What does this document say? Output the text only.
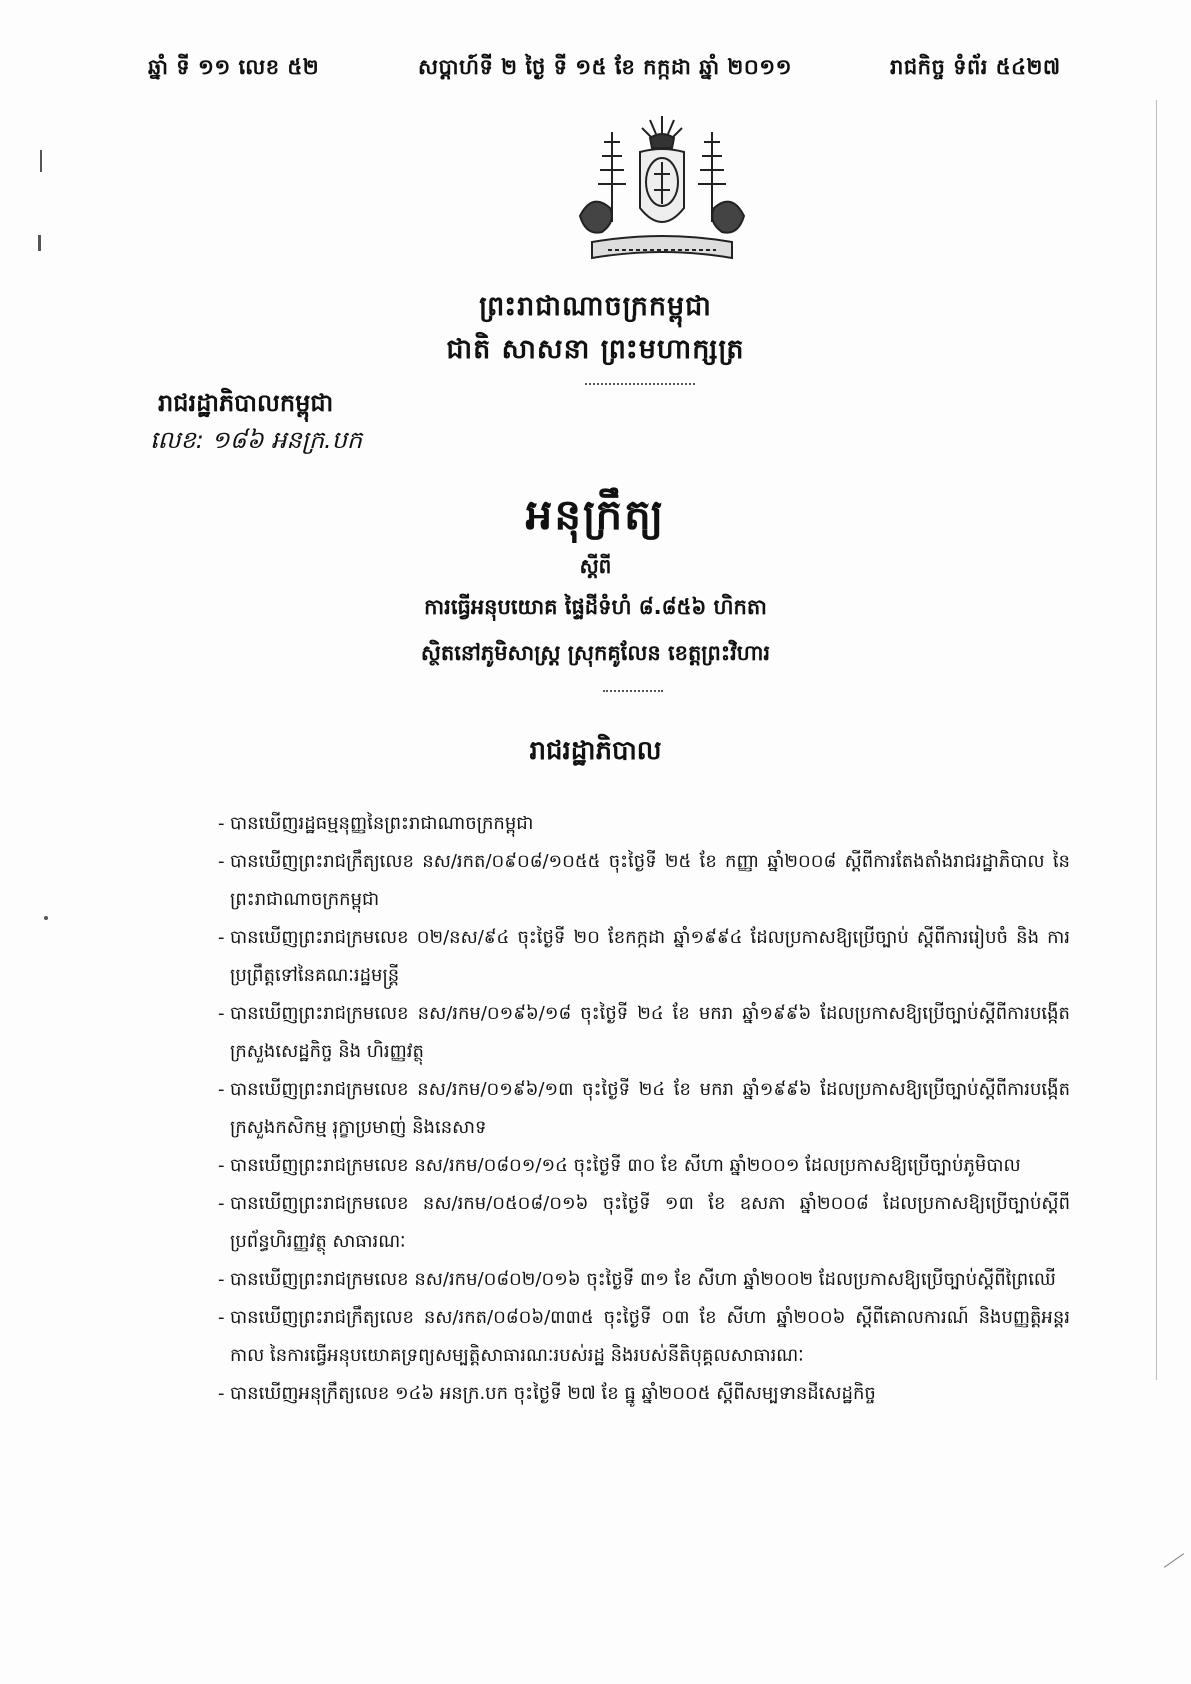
ឆ្នាំ ទី ១១ លេខ ៥២	សប្តាហ៍ទី ២ ថ្ងៃ ទី ១៥ ខែ កក្កដា ឆ្នាំ ២០១១	រាជកិច្ច ទំព័រ ៥៤២៧
ព្រះរាជាណាចក្រកម្ពុជា
ជាតិ សាសនា ព្រះមហាក្សត្រ
រាជរដ្ឋាភិបាលកម្ពុជា
លេខ: ១៨៦ អនក្រ.បក
អនុក្រឹត្យ
ស្តីពី
ការធ្វើអនុបយោគ ផ្ទៃដីទំហំ ៨.៨៥៦ ហិកតា
ស្ថិតនៅភូមិសាស្ត្រ ស្រុកគូលែន ខេត្តព្រះវិហារ
រាជរដ្ឋាភិបាល
- បានឃើញរដ្ឋធម្មនុញ្ញនៃព្រះរាជាណាចក្រកម្ពុជា
- បានឃើញព្រះរាជក្រឹត្យលេខ នស/រកត/០៩០៨/១០៥៥ ចុះថ្ងៃទី ២៥ ខែ កញ្ញា ឆ្នាំ២០០៨ ស្តីពីការតែងតាំងរាជរដ្ឋាភិបាល នៃព្រះរាជាណាចក្រកម្ពុជា
- បានឃើញព្រះរាជក្រមលេខ ០២/នស/៩៤ ចុះថ្ងៃទី ២០ ខែកក្កដា ឆ្នាំ១៩៩៤ ដែលប្រកាសឱ្យប្រើច្បាប់ ស្តីពីការរៀបចំ និង ការប្រព្រឹត្តទៅនៃគណៈរដ្ឋមន្ត្រី
- បានឃើញព្រះរាជក្រមលេខ នស/រកម/០១៩៦/១៨ ចុះថ្ងៃទី ២៤ ខែ មករា ឆ្នាំ១៩៩៦ ដែលប្រកាសឱ្យប្រើច្បាប់ស្តីពីការបង្កើតក្រសួងសេដ្ឋកិច្ច និង ហិរញ្ញវត្ថុ
- បានឃើញព្រះរាជក្រមលេខ នស/រកម/០១៩៦/១៣ ចុះថ្ងៃទី ២៤ ខែ មករា ឆ្នាំ១៩៩៦ ដែលប្រកាសឱ្យប្រើច្បាប់ស្តីពីការបង្កើតក្រសួងកសិកម្ម រុក្ខាប្រមាញ់ និងនេសាទ
- បានឃើញព្រះរាជក្រមលេខ នស/រកម/០៨០១/១៤ ចុះថ្ងៃទី ៣០ ខែ សីហា ឆ្នាំ២០០១ ដែលប្រកាសឱ្យប្រើច្បាប់ភូមិបាល
- បានឃើញព្រះរាជក្រមលេខ នស/រកម/០៥០៨/០១៦ ចុះថ្ងៃទី ១៣ ខែ ឧសភា ឆ្នាំ២០០៨ ដែលប្រកាសឱ្យប្រើច្បាប់ស្តីពីប្រព័ន្ធហិរញ្ញវត្ថុ សាធារណៈ
- បានឃើញព្រះរាជក្រមលេខ នស/រកម/០៨០២/០១៦ ចុះថ្ងៃទី ៣១ ខែ សីហា ឆ្នាំ២០០២ ដែលប្រកាសឱ្យប្រើច្បាប់ស្តីពីព្រៃឈើ
- បានឃើញព្រះរាជក្រឹត្យលេខ នស/រកត/០៨០៦/៣៣៥ ចុះថ្ងៃទី ០៣ ខែ សីហា ឆ្នាំ២០០៦ ស្តីពីគោលការណ៍ និងបញ្ញត្តិអន្តរកាល នៃការធ្វើអនុបយោគទ្រព្យសម្បត្តិសាធារណៈរបស់រដ្ឋ និងរបស់នីតិបុគ្គលសាធារណៈ
- បានឃើញអនុក្រឹត្យលេខ ១៤៦ អនក្រ.បក ចុះថ្ងៃទី ២៧ ខែ ធ្នូ ឆ្នាំ២០០៥ ស្តីពីសម្បទានដីសេដ្ឋកិច្ច
